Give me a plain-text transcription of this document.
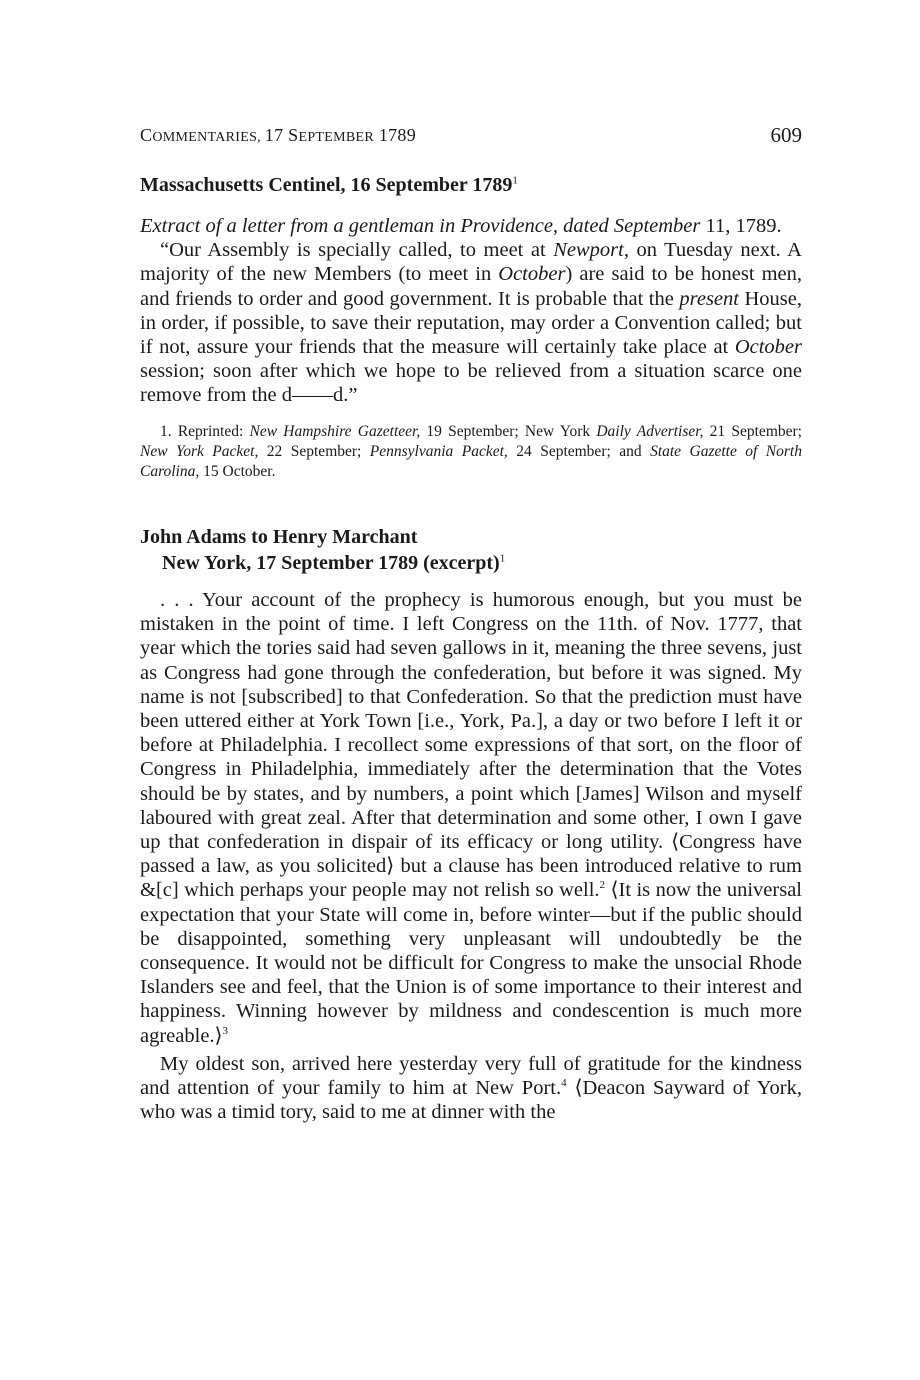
COMMENTARIES, 17 SEPTEMBER 1789	609
Massachusetts Centinel, 16 September 1789$^1$

Extract of a letter from a gentleman in Providence, dated September 11, 1789.

“Our Assembly is specially called, to meet at Newport, on Tuesday next. A majority of the new Members (to meet in October) are said to be honest men, and friends to order and good government. It is probable that the present House, in order, if possible, to save their reputation, may order a Convention called; but if not, assure your friends that the measure will certainly take place at October session; soon after which we hope to be relieved from a situation scarce one remove from the d——d.”

1. Reprinted: New Hampshire Gazetteer, 19 September; New York Daily Advertiser, 21 September; New York Packet, 22 September; Pennsylvania Packet, 24 September; and State Gazette of North Carolina, 15 October.

John Adams to Henry Marchant
New York, 17 September 1789 (excerpt)$^1$

. . . Your account of the prophecy is humorous enough, but you must be mistaken in the point of time. I left Congress on the 11th. of Nov. 1777, that year which the tories said had seven gallows in it, meaning the three sevens, just as Congress had gone through the confederation, but before it was signed. My name is not [subscribed] to that Confederation. So that the prediction must have been uttered either at York Town [i.e., York, Pa.], a day or two before I left it or before at Philadelphia. I recollect some expressions of that sort, on the floor of Congress in Philadelphia, immediately after the determination that the Votes should be by states, and by numbers, a point which [James] Wilson and myself laboured with great zeal. After that determination and some other, I own I gave up that confederation in dispair of its efficacy or long utility. ⟨Congress have passed a law, as you solicited⟩ but a clause has been introduced relative to rum &[c] which perhaps your people may not relish so well.$^2$ ⟨It is now the universal expectation that your State will come in, before winter—but if the public should be disappointed, something very unpleasant will undoubtedly be the consequence. It would not be difficult for Congress to make the unsocial Rhode Islanders see and feel, that the Union is of some importance to their interest and happiness. Winning however by mildness and condescention is much more agreable.⟩$^3$

My oldest son, arrived here yesterday very full of gratitude for the kindness and attention of your family to him at New Port.$^4$ ⟨Deacon Sayward of York, who was a timid tory, said to me at dinner with the
